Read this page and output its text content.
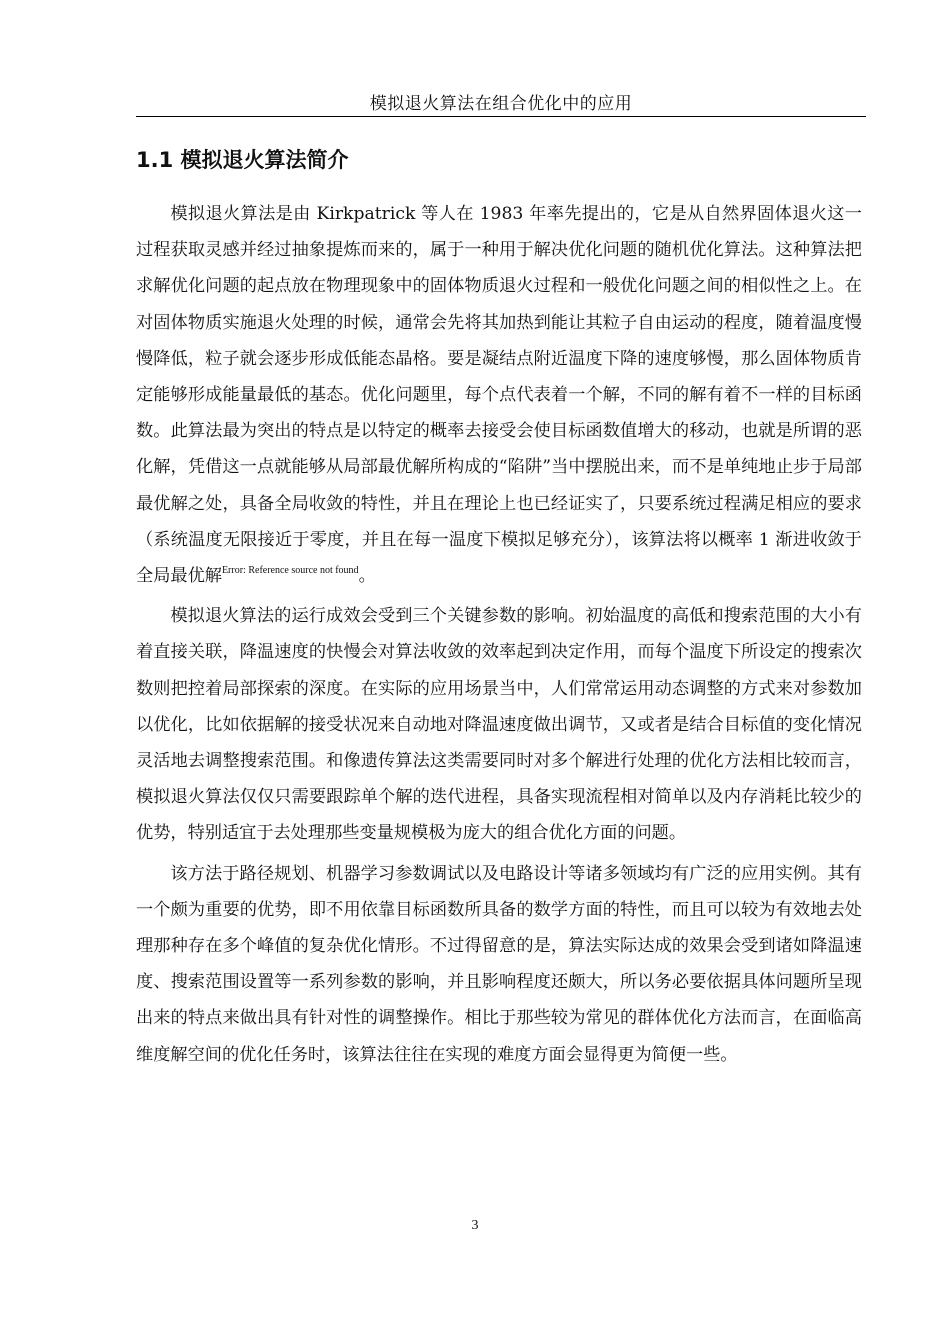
模拟退火算法在组合优化中的应用
1.1 模拟退火算法简介

模拟退火算法是由 Kirkpatrick 等人在 1983 年率先提出的，它是从自然界固体退火这一过程获取灵感并经过抽象提炼而来的，属于一种用于解决优化问题的随机优化算法。这种算法把求解优化问题的起点放在物理现象中的固体物质退火过程和一般优化问题之间的相似性之上。在对固体物质实施退火处理的时候，通常会先将其加热到能让其粒子自由运动的程度，随着温度慢慢降低，粒子就会逐步形成低能态晶格。要是凝结点附近温度下降的速度够慢，那么固体物质肯定能够形成能量最低的基态。优化问题里，每个点代表着一个解，不同的解有着不一样的目标函数。此算法最为突出的特点是以特定的概率去接受会使目标函数值增大的移动，也就是所谓的恶化解，凭借这一点就能够从局部最优解所构成的“陷阱”当中摆脱出来，而不是单纯地止步于局部最优解之处，具备全局收敛的特性，并且在理论上也已经证实了，只要系统过程满足相应的要求（系统温度无限接近于零度，并且在每一温度下模拟足够充分），该算法将以概率 1 渐进收敛于全局最优解$^{Error: Reference source not found}$。

模拟退火算法的运行成效会受到三个关键参数的影响。初始温度的高低和搜索范围的大小有着直接关联，降温速度的快慢会对算法收敛的效率起到决定作用，而每个温度下所设定的搜索次数则把控着局部探索的深度。在实际的应用场景当中，人们常常运用动态调整的方式来对参数加以优化，比如依据解的接受状况来自动地对降温速度做出调节，又或者是结合目标值的变化情况灵活地去调整搜索范围。和像遗传算法这类需要同时对多个解进行处理的优化方法相比较而言，模拟退火算法仅仅只需要跟踪单个解的迭代进程，具备实现流程相对简单以及内存消耗比较少的优势，特别适宜于去处理那些变量规模极为庞大的组合优化方面的问题。

该方法于路径规划、机器学习参数调试以及电路设计等诸多领域均有广泛的应用实例。其有一个颇为重要的优势，即不用依靠目标函数所具备的数学方面的特性，而且可以较为有效地去处理那种存在多个峰值的复杂优化情形。不过得留意的是，算法实际达成的效果会受到诸如降温速度、搜索范围设置等一系列参数的影响，并且影响程度还颇大，所以务必要依据具体问题所呈现出来的特点来做出具有针对性的调整操作。相比于那些较为常见的群体优化方法而言，在面临高维度解空间的优化任务时，该算法往往在实现的难度方面会显得更为简便一些。

3
